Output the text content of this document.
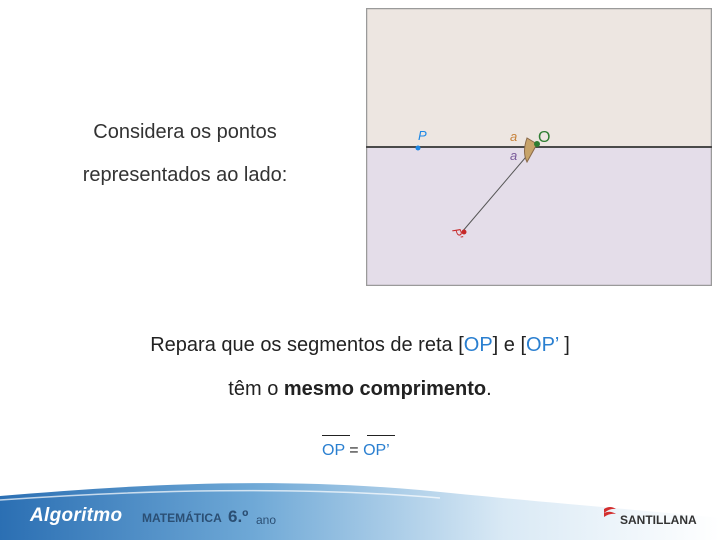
Considera os pontos
representados ao lado:
P	O
a
a
P'
Repara que os segmentos de reta [OP] e [OP’ ]
têm o mesmo comprimento.
OP = OP’
Algoritmo MATEMÁTICA 6.º ano	SANTILLANA
